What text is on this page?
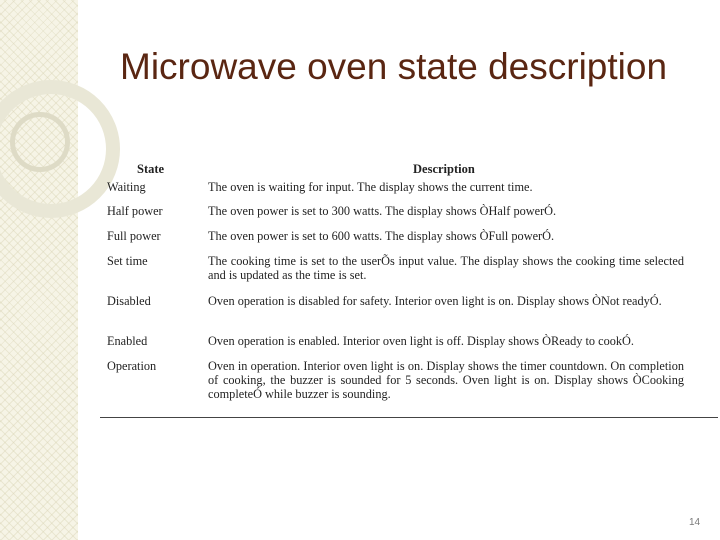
Microwave oven state description
State	Description
Waiting	The oven is waiting for input. The display shows the current time.
Half power	The oven power is set to 300 watts. The display shows ÒHalf powerÓ.
Full power	The oven power is set to 600 watts. The display shows ÒFull powerÓ.
Set time	The cooking time is set to the userÕs input value. The display shows the cooking time selected and is updated as the time is set.
Disabled	Oven operation is disabled for safety. Interior oven light is on. Display shows ÒNot readyÓ.
Enabled	Oven operation is enabled. Interior oven light is off. Display shows ÒReady to cookÓ.
Operation	Oven in operation. Interior oven light is on. Display shows the timer countdown. On completion of cooking, the buzzer is sounded for 5 seconds. Oven light is on. Display shows ÒCooking completeÓ while buzzer is sounding.
14
